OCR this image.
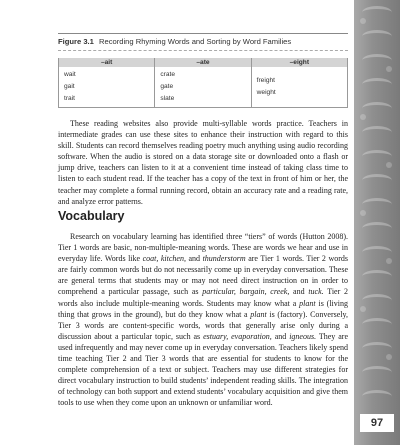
Figure 3.1 Recording Rhyming Words and Sorting by Word Families
–ait	–ate	–eight
wait
gait
trait
crate
gate
slate
freight
weight

These reading websites also provide multi-syllable words practice. Teachers in intermediate grades can use these sites to enhance their instruction with regard to this skill. Students can record themselves reading poetry much anything using audio recording software. When the audio is stored on a data storage site or downloaded onto a flash or jump drive, teachers can listen to it at a convenient time instead of taking class time to listen to each student read. If the teacher has a copy of the text in front of him or her, the teacher may complete a formal running record, obtain an accuracy rate and a reading rate, and analyze error patterns.

Vocabulary

Research on vocabulary learning has identified three “tiers” of words (Hutton 2008). Tier 1 words are basic, non-multiple-meaning words. These are words we hear and use in everyday life. Words like coat, kitchen, and thunderstorm are Tier 1 words. Tier 2 words are fairly common words but do not necessarily come up in everyday conversation. These are general terms that students may or may not need direct instruction on in order to comprehend a particular passage, such as particular, bargain, creek, and tuck. Tier 2 words also include multiple-meaning words. Students may know what a plant is (living thing that grows in the ground), but do they know what a plant is (factory). Conversely, Tier 3 words are content-specific words, words that generally arise only during a discussion about a particular topic, such as estuary, evaporation, and igneous. They are used infrequently and may never come up in everyday conversation. Teachers likely spend time teaching Tier 2 and Tier 3 words that are essential for students to know for the complete comprehension of a text or subject. Teachers may use different strategies for direct vocabulary instruction to build students’ independent reading skills. The integration of technology can both support and extend students’ vocabulary acquisition and give them tools to use when they come upon an unknown or unfamiliar word.

97
